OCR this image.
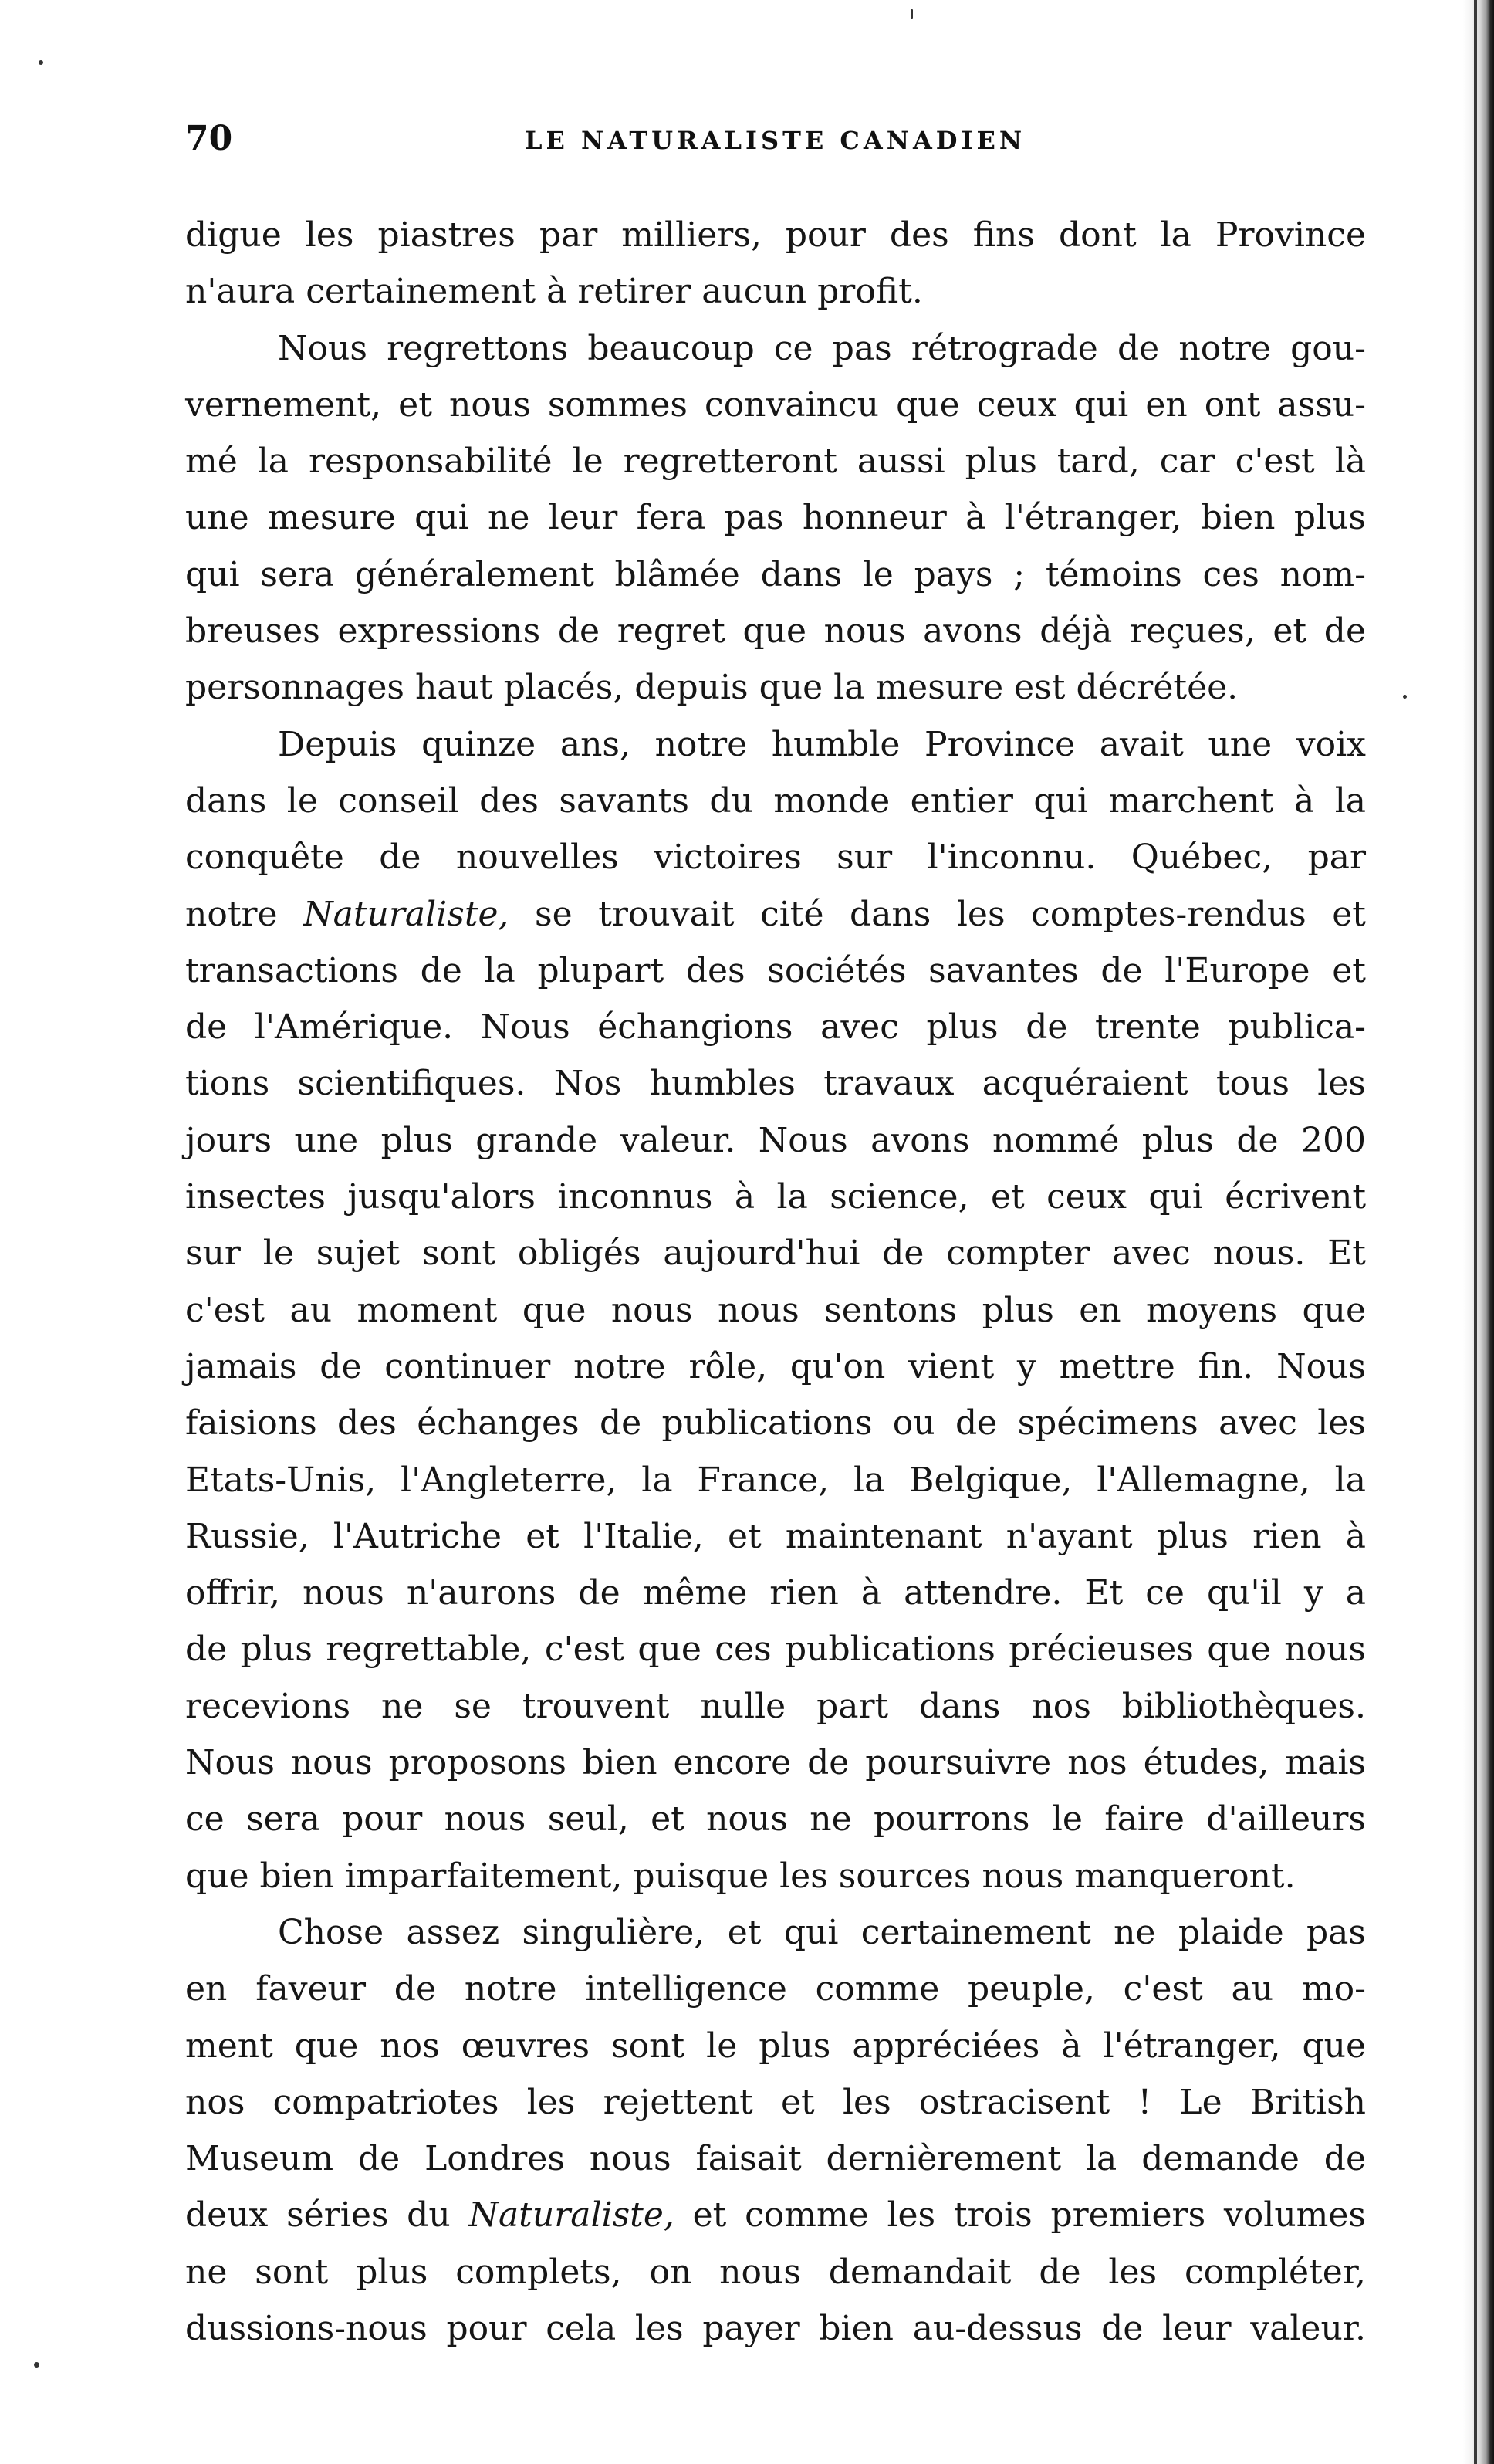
70	LE NATURALISTE CANADIEN
digue les piastres par milliers, pour des fins dont la Province
n'aura certainement à retirer aucun profit.
Nous regrettons beaucoup ce pas rétrograde de notre gou-
vernement, et nous sommes convaincu que ceux qui en ont assu-
mé la responsabilité le regretteront aussi plus tard, car c'est là
une mesure qui ne leur fera pas honneur à l'étranger, bien plus
qui sera généralement blâmée dans le pays ; témoins ces nom-
breuses expressions de regret que nous avons déjà reçues, et de
personnages haut placés, depuis que la mesure est décrétée.
Depuis quinze ans, notre humble Province avait une voix
dans le conseil des savants du monde entier qui marchent à la
conquête de nouvelles victoires sur l'inconnu. Québec, par
notre Naturaliste, se trouvait cité dans les comptes-rendus et
transactions de la plupart des sociétés savantes de l'Europe et
de l'Amérique. Nous échangions avec plus de trente publica-
tions scientifiques. Nos humbles travaux acquéraient tous les
jours une plus grande valeur. Nous avons nommé plus de 200
insectes jusqu'alors inconnus à la science, et ceux qui écrivent
sur le sujet sont obligés aujourd'hui de compter avec nous. Et
c'est au moment que nous nous sentons plus en moyens que
jamais de continuer notre rôle, qu'on vient y mettre fin. Nous
faisions des échanges de publications ou de spécimens avec les
Etats-Unis, l'Angleterre, la France, la Belgique, l'Allemagne, la
Russie, l'Autriche et l'Italie, et maintenant n'ayant plus rien à
offrir, nous n'aurons de même rien à attendre. Et ce qu'il y a
de plus regrettable, c'est que ces publications précieuses que nous
recevions ne se trouvent nulle part dans nos bibliothèques.
Nous nous proposons bien encore de poursuivre nos études, mais
ce sera pour nous seul, et nous ne pourrons le faire d'ailleurs
que bien imparfaitement, puisque les sources nous manqueront.
Chose assez singulière, et qui certainement ne plaide pas
en faveur de notre intelligence comme peuple, c'est au mo-
ment que nos œuvres sont le plus appréciées à l'étranger, que
nos compatriotes les rejettent et les ostracisent ! Le British
Museum de Londres nous faisait dernièrement la demande de
deux séries du Naturaliste, et comme les trois premiers volumes
ne sont plus complets, on nous demandait de les compléter,
dussions-nous pour cela les payer bien au-dessus de leur valeur.
